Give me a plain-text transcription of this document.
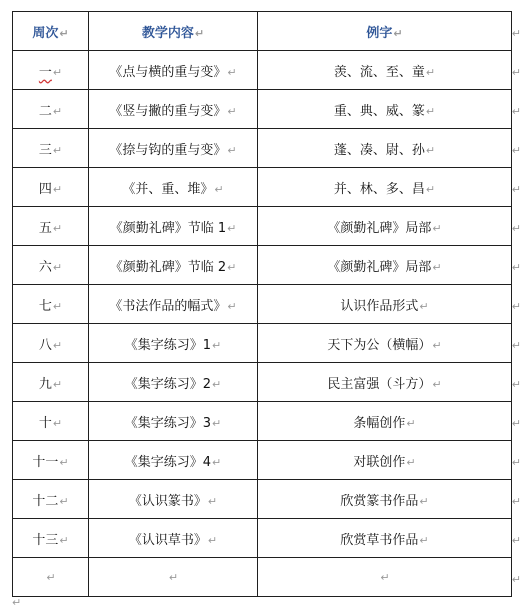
周次↵	教学内容↵	例字↵
一↵	《点与横的重与变》↵	羡、流、至、童↵
二↵	《竖与撇的重与变》↵	重、典、威、篆↵
三↵	《捺与钩的重与变》↵	蓬、凑、尉、孙↵
四↵	《并、重、堆》↵	并、林、多、昌↵
五↵	《颜勤礼碑》节临 1↵	《颜勤礼碑》局部↵
六↵	《颜勤礼碑》节临 2↵	《颜勤礼碑》局部↵
七↵	《书法作品的幅式》↵	认识作品形式↵
八↵	《集字练习》1↵	天下为公（横幅）↵
九↵	《集字练习》2↵	民主富强（斗方）↵
十↵	《集字练习》3↵	条幅创作↵
十一↵	《集字练习》4↵	对联创作↵
十二↵	《认识篆书》↵	欣赏篆书作品↵
十三↵	《认识草书》↵	欣赏草书作品↵
↵	↵	↵
↵
↵
↵
↵
↵
↵
↵
↵
↵
↵
↵
↵
↵
↵
↵
↵
